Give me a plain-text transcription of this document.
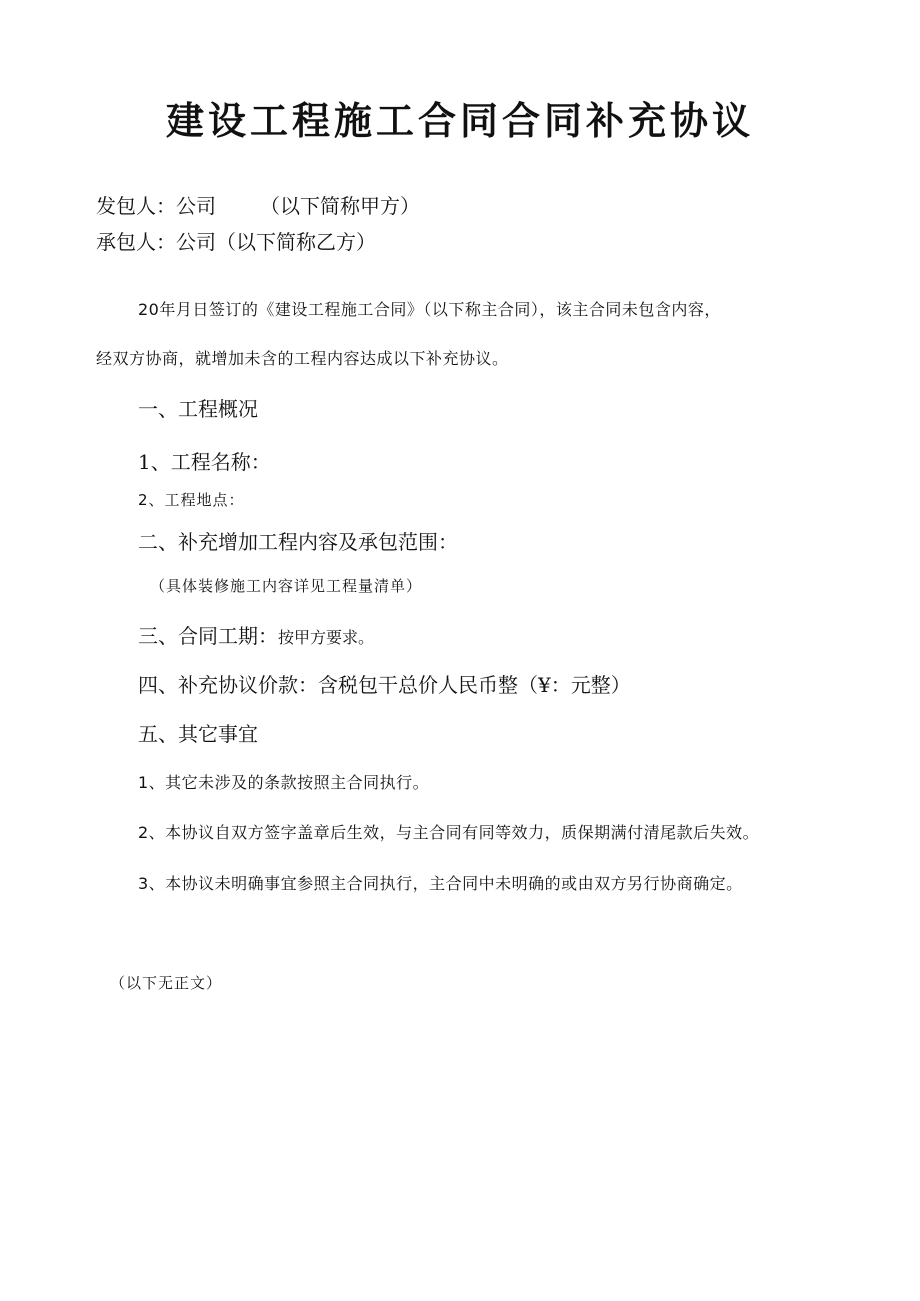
建设工程施工合同合同补充协议

发包人：公司 （以下简称甲方）

承包人：公司（以下简称乙方）

20年月日签订的《建设工程施工合同》（以下称主合同），该主合同未包含内容，

经双方协商，就增加未含的工程内容达成以下补充协议。

一、工程概况

1、工程名称：

2、工程地点：

二、补充增加工程内容及承包范围：

（具体装修施工内容详见工程量清单）

三、合同工期：按甲方要求。

四、补充协议价款：含税包干总价人民币整（¥：元整）

五、其它事宜

1、其它未涉及的条款按照主合同执行。

2、本协议自双方签字盖章后生效，与主合同有同等效力，质保期满付清尾款后失效。

3、本协议未明确事宜参照主合同执行，主合同中未明确的或由双方另行协商确定。

（以下无正文）
